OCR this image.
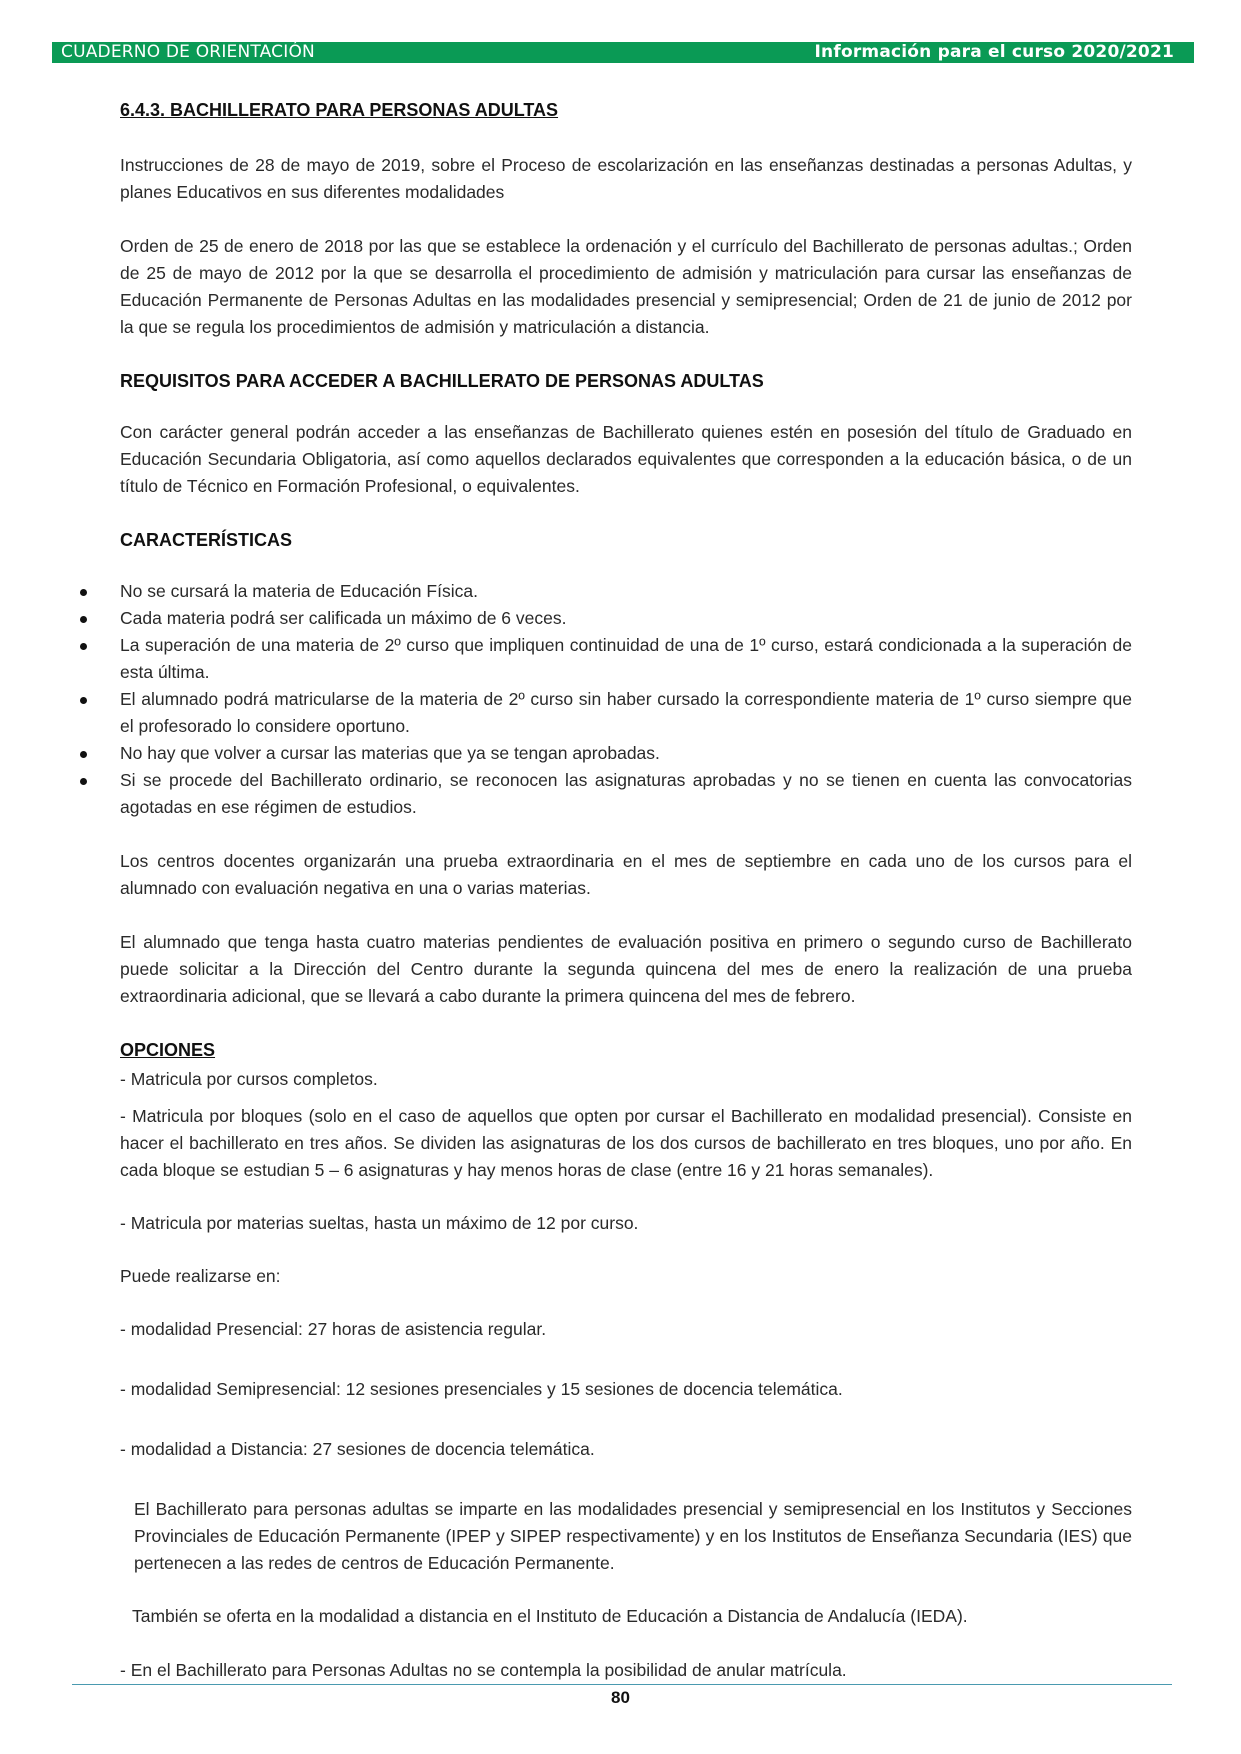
CUADERNO DE ORIENTACIÓN	Información para el curso 2020/2021
6.4.3. BACHILLERATO PARA PERSONAS ADULTAS

Instrucciones de 28 de mayo de 2019, sobre el Proceso de escolarización en las enseñanzas destinadas a personas Adultas, y planes Educativos en sus diferentes modalidades

Orden de 25 de enero de 2018 por las que se establece la ordenación y el currículo del Bachillerato de personas adultas.; Orden de 25 de mayo de 2012 por la que se desarrolla el procedimiento de admisión y matriculación para cursar las enseñanzas de Educación Permanente de Personas Adultas en las modalidades presencial y semipresencial; Orden de 21 de junio de 2012 por la que se regula los procedimientos de admisión y matriculación a distancia.

REQUISITOS PARA ACCEDER A BACHILLERATO DE PERSONAS ADULTAS

Con carácter general podrán acceder a las enseñanzas de Bachillerato quienes estén en posesión del título de Graduado en Educación Secundaria Obligatoria, así como aquellos declarados equivalentes que corresponden a la educación básica, o de un título de Técnico en Formación Profesional, o equivalentes.

CARACTERÍSTICAS
No se cursará la materia de Educación Física.
Cada materia podrá ser calificada un máximo de 6 veces.
La superación de una materia de 2º curso que impliquen continuidad de una de 1º curso, estará condicionada a la superación de esta última.
El alumnado podrá matricularse de la materia de 2º curso sin haber cursado la correspondiente materia de 1º curso siempre que el profesorado lo considere oportuno.
No hay que volver a cursar las materias que ya se tengan aprobadas.
Si se procede del Bachillerato ordinario, se reconocen las asignaturas aprobadas y no se tienen en cuenta las convocatorias agotadas en ese régimen de estudios.

Los centros docentes organizarán una prueba extraordinaria en el mes de septiembre en cada uno de los cursos para el alumnado con evaluación negativa en una o varias materias.

El alumnado que tenga hasta cuatro materias pendientes de evaluación positiva en primero o segundo curso de Bachillerato puede solicitar a la Dirección del Centro durante la segunda quincena del mes de enero la realización de una prueba extraordinaria adicional, que se llevará a cabo durante la primera quincena del mes de febrero.

OPCIONES

- Matricula por cursos completos.

- Matricula por bloques (solo en el caso de aquellos que opten por cursar el Bachillerato en modalidad presencial). Consiste en hacer el bachillerato en tres años. Se dividen las asignaturas de los dos cursos de bachillerato en tres bloques, uno por año. En cada bloque se estudian 5 – 6 asignaturas y hay menos horas de clase (entre 16 y 21 horas semanales).

- Matricula por materias sueltas, hasta un máximo de 12 por curso.

Puede realizarse en:

- modalidad Presencial: 27 horas de asistencia regular.

- modalidad Semipresencial: 12 sesiones presenciales y 15 sesiones de docencia telemática.

- modalidad a Distancia: 27 sesiones de docencia telemática.

El Bachillerato para personas adultas se imparte en las modalidades presencial y semipresencial en los Institutos y Secciones Provinciales de Educación Permanente (IPEP y SIPEP respectivamente) y en los Institutos de Enseñanza Secundaria (IES) que pertenecen a las redes de centros de Educación Permanente.

También se oferta en la modalidad a distancia en el Instituto de Educación a Distancia de Andalucía (IEDA).

- En el Bachillerato para Personas Adultas no se contempla la posibilidad de anular matrícula.

80
